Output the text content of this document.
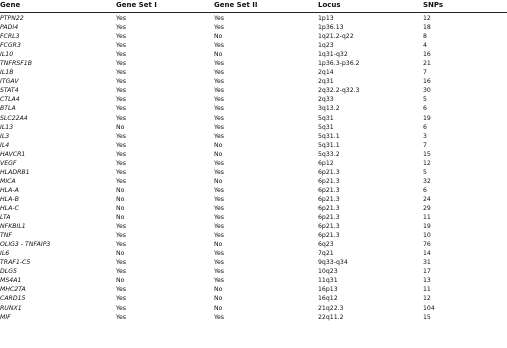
Gene	Gene Set I	Gene Set II	Locus	SNPs
PTPN22	Yes	Yes	1p13	12
PADI4	Yes	Yes	1p36.13	18
FCRL3	Yes	No	1q21.2-q22	8
FCGR3	Yes	Yes	1q23	4
IL10	Yes	No	1q31-q32	16
TNFRSF1B	Yes	Yes	1p36.3-p36.2	21
IL1B	Yes	Yes	2q14	7
ITGAV	Yes	Yes	2q31	16
STAT4	Yes	Yes	2q32.2-q32.3	30
CTLA4	Yes	Yes	2q33	5
BTLA	Yes	Yes	3q13.2	6
SLC22A4	Yes	Yes	5q31	19
IL13	No	Yes	5q31	6
IL3	Yes	Yes	5q31.1	3
IL4	Yes	No	5q31.1	7
HAVCR1	Yes	No	5q33.2	15
VEGF	Yes	Yes	6p12	12
HLADRB1	Yes	Yes	6p21.3	5
MICA	Yes	No	6p21.3	32
HLA-A	No	Yes	6p21.3	6
HLA-B	No	Yes	6p21.3	24
HLA-C	No	Yes	6p21.3	29
LTA	No	Yes	6p21.3	11
NFKBIL1	Yes	Yes	6p21.3	19
TNF	Yes	Yes	6p21.3	10
OLIG3 - TNFAIP3	Yes	No	6q23	76
IL6	No	Yes	7q21	14
TRAF1-C5	Yes	Yes	9q33-q34	31
DLG5	Yes	Yes	10q23	17
MS4A1	No	Yes	11q31	13
MHC2TA	Yes	No	16p13	11
CARD15	Yes	No	16q12	12
RUNX1	Yes	No	21q22.3	104
MIF	Yes	Yes	22q11.2	15
